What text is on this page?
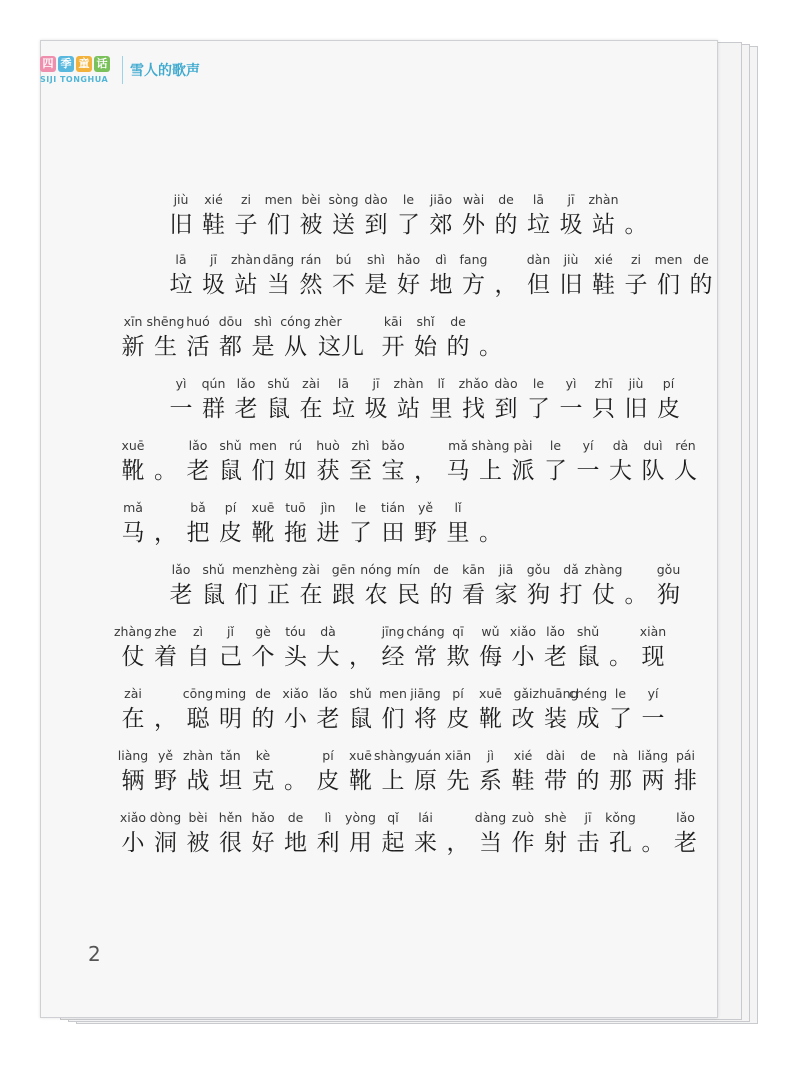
四 季 童 话
SIJI TONGHUA
雪人的歌声
jiù
旧
xié
鞋
zi
子
men
们
bèi
被
sòng
送
dào
到
le
了
jiāo
郊
wài
外
de
的
lā
垃
jī
圾
zhàn
站 。
lā
垃
jī
圾
zhàn
站
dāng
当
rán
然
bú
不
shì
是
hǎo
好
dì
地
fang
方 ，
dàn
但
jiù
旧
xié
鞋
zi
子
men
们
de
的
xīn
新
shēng
生
huó
活
dōu
都
shì
是
cóng
从
zhèr
这儿
kāi
开
shǐ
始
de
的 。
yì
一
qún
群
lǎo
老
shǔ
鼠
zài
在
lā
垃
jī
圾
zhàn
站
lǐ
里
zhǎo
找
dào
到
le
了
yì
一
zhī
只
jiù
旧
pí
皮
xuē
靴 。
lǎo
老
shǔ
鼠
men
们
rú
如
huò
获
zhì
至
bǎo
宝 ，
mǎ
马
shàng
上
pài
派
le
了
yí
一
dà
大
duì
队
rén
人
mǎ
马 ，
bǎ
把
pí
皮
xuē
靴
tuō
拖
jìn
进
le
了
tián
田
yě
野
lǐ
里 。
lǎo
老
shǔ
鼠
men
们
zhèng
正
zài
在
gēn
跟
nóng
农
mín
民
de
的
kān
看
jiā
家
gǒu
狗
dǎ
打
zhàng
仗 。
gǒu
狗
zhàng
仗
zhe
着
zì
自
jǐ
己
gè
个
tóu
头
dà
大 ，
jīng
经
cháng
常
qī
欺
wǔ
侮
xiǎo
小
lǎo
老
shǔ
鼠 。
xiàn
现
zài
在 ，
cōng
聪
ming
明
de
的
xiǎo
小
lǎo
老
shǔ
鼠
men
们
jiāng
将
pí
皮
xuē
靴
gǎi
改
zhuāng
装
chéng
成
le
了
yí
一
liàng
辆
yě
野
zhàn
战
tǎn
坦
kè
克 。
pí
皮
xuē
靴
shàng
上
yuán
原
xiān
先
jì
系
xié
鞋
dài
带
de
的
nà
那
liǎng
两
pái
排
xiǎo
小
dòng
洞
bèi
被
hěn
很
hǎo
好
de
地
lì
利
yòng
用
qǐ
起
lái
来 ，
dàng
当
zuò
作
shè
射
jī
击
kǒng
孔 。
lǎo
老
2
